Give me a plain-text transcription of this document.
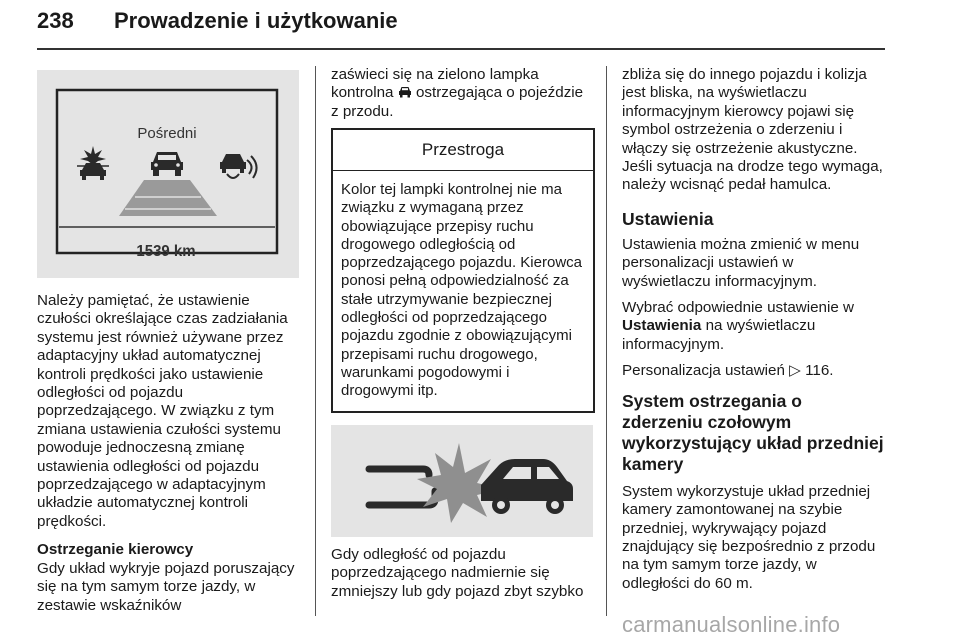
238 Prowadzenie i użytkowanie
Pośredni
1539 km

Należy pamiętać, że ustawienie czułości określające czas zadziałania systemu jest również używane przez adaptacyjny układ automatycznej kontroli prędkości jako ustawienie odległości od pojazdu poprzedzającego. W związku z tym zmiana ustawienia czułości systemu powoduje jednoczesną zmianę ustawienia odległości od pojazdu poprzedzającego w adaptacyjnym układzie automatycznej kontroli prędkości.

Ostrzeganie kierowcy

Gdy układ wykryje pojazd poruszający się na tym samym torze jazdy, w zestawie wskaźników

zaświeci się na zielono lampka kontrolna ostrzegająca o pojeździe z przodu.

Przestroga
Kolor tej lampki kontrolnej nie ma związku z wymaganą przez obowiązujące przepisy ruchu drogowego odległością od poprzedzającego pojazdu. Kierowca ponosi pełną odpowiedzialność za stałe utrzymywanie bezpiecznej odległości od poprzedzającego pojazdu zgodnie z obowiązującymi przepisami ruchu drogowego, warunkami pogodowymi i drogowymi itp.

Gdy odległość od pojazdu poprzedzającego nadmiernie się zmniejszy lub gdy pojazd zbyt szybko

zbliża się do innego pojazdu i kolizja jest bliska, na wyświetlaczu informacyjnym kierowcy pojawi się symbol ostrzeżenia o zderzeniu i włączy się ostrzeżenie akustyczne. Jeśli sytuacja na drodze tego wymaga, należy wcisnąć pedał hamulca.

Ustawienia

Ustawienia można zmienić w menu personalizacji ustawień w wyświetlaczu informacyjnym.

Wybrać odpowiednie ustawienie w Ustawienia na wyświetlaczu informacyjnym.

Personalizacja ustawień ▷ 116.

System ostrzegania o zderzeniu czołowym wykorzystujący układ przedniej kamery

System wykorzystuje układ przedniej kamery zamontowanej na szybie przedniej, wykrywający pojazd znajdujący się bezpośrednio z przodu na tym samym torze jazdy, w odległości do 60 m.

carmanualsonline.info
